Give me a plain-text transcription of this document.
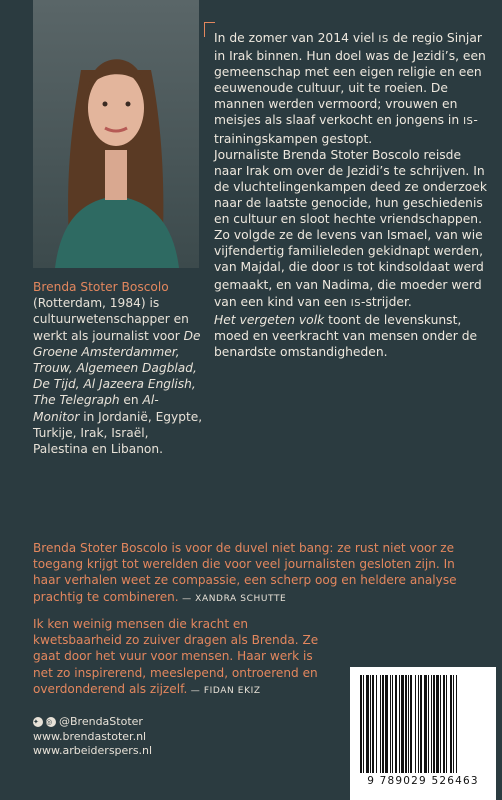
Brenda Stoter Boscolo (Rotterdam, 1984) is cultuurwetenschapper en werkt als journalist voor De Groene Amsterdammer, Trouw, Algemeen Dagblad, De Tijd, Al Jazeera English, The Telegraph en Al-Monitor in Jordanië, Egypte, Turkije, Irak, Israël, Palestina en Libanon.

In de zomer van 2014 viel IS de regio Sinjar in Irak binnen. Hun doel was de Jezidi’s, een gemeenschap met een eigen religie en een eeuwenoude cultuur, uit te roeien. De mannen werden vermoord; vrouwen en meisjes als slaaf verkocht en jongens in IS-trainingskampen gestopt.

Journaliste Brenda Stoter Boscolo reisde naar Irak om over de Jezidi’s te schrijven. In de vluchtelingenkampen deed ze onderzoek naar de laatste genocide, hun geschiedenis en cultuur en sloot hechte vriendschappen.

Zo volgde ze de levens van Ismael, van wie vijfendertig familieleden gekidnapt werden, van Majdal, die door IS tot kindsoldaat werd gemaakt, en van Nadima, die moeder werd van een kind van een IS-strijder.

Het vergeten volk toont de levenskunst, moed en veerkracht van mensen onder de benardste omstandigheden.

Brenda Stoter Boscolo is voor de duvel niet bang: ze rust niet voor ze toegang krijgt tot werelden die voor veel journalisten gesloten zijn. In haar verhalen weet ze compassie, een scherp oog en heldere analyse prachtig te combineren. — XANDRA SCHUTTE
Ik ken weinig mensen die kracht en kwetsbaarheid zo zuiver dragen als Brenda. Ze gaat door het vuur voor mensen. Haar werk is net zo inspirerend, meeslepend, ontroerend en overdonderend als zijzelf. — FIDAN EKIZ
✦	◎ @BrendaStoter
www.brendastoter.nl
www.arbeiderspers.nl
9 789029 526463
